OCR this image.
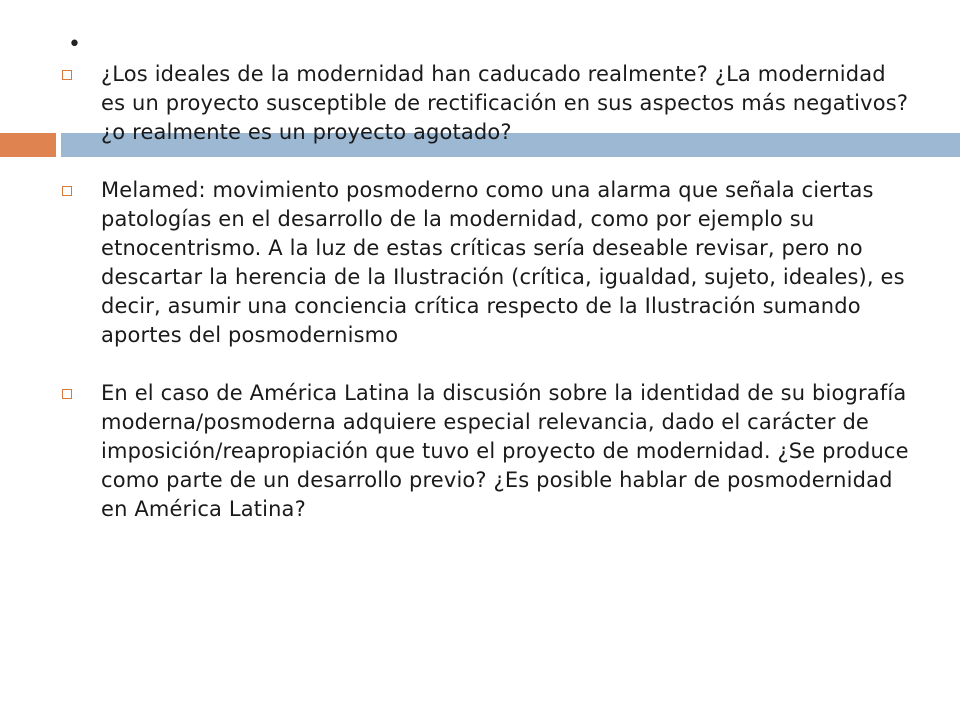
•
¿Los ideales de la modernidad han caducado realmente? ¿La modernidad es un proyecto susceptible de rectificación en sus aspectos más negativos? ¿o realmente es un proyecto agotado?
Melamed: movimiento posmoderno como una alarma que señala ciertas patologías en el desarrollo de la modernidad, como por ejemplo su etnocentrismo. A la luz de estas críticas sería deseable revisar, pero no descartar la herencia de la Ilustración (crítica, igualdad, sujeto, ideales), es decir, asumir una conciencia crítica respecto de la Ilustración sumando aportes del posmodernismo
En el caso de América Latina la discusión sobre la identidad de su biografía moderna/posmoderna adquiere especial relevancia, dado el carácter de imposición/reapropiación que tuvo el proyecto de modernidad. ¿Se produce como parte de un desarrollo previo? ¿Es posible hablar de posmodernidad en América Latina?
